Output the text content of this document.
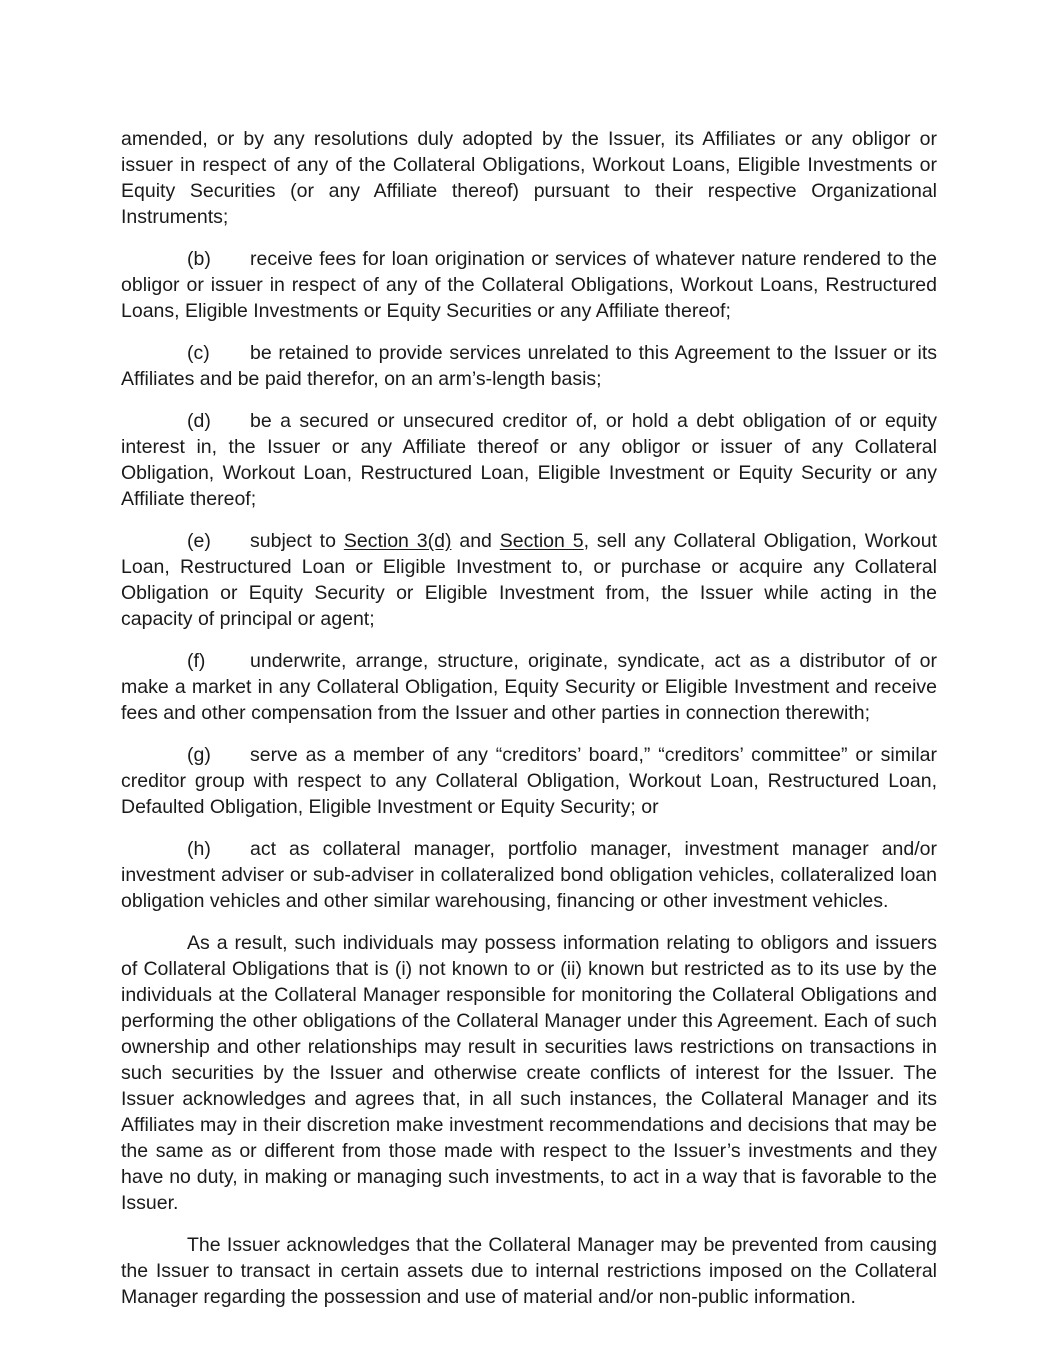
amended, or by any resolutions duly adopted by the Issuer, its Affiliates or any obligor or issuer in respect of any of the Collateral Obligations, Workout Loans, Eligible Investments or Equity Securities (or any Affiliate thereof) pursuant to their respective Organizational Instruments;

(b) receive fees for loan origination or services of whatever nature rendered to the obligor or issuer in respect of any of the Collateral Obligations, Workout Loans, Restructured Loans, Eligible Investments or Equity Securities or any Affiliate thereof;

(c) be retained to provide services unrelated to this Agreement to the Issuer or its Affiliates and be paid therefor, on an arm’s-length basis;

(d) be a secured or unsecured creditor of, or hold a debt obligation of or equity interest in, the Issuer or any Affiliate thereof or any obligor or issuer of any Collateral Obligation, Workout Loan, Restructured Loan, Eligible Investment or Equity Security or any Affiliate thereof;

(e) subject to Section 3(d) and Section 5, sell any Collateral Obligation, Workout Loan, Restructured Loan or Eligible Investment to, or purchase or acquire any Collateral Obligation or Equity Security or Eligible Investment from, the Issuer while acting in the capacity of principal or agent;

(f) underwrite, arrange, structure, originate, syndicate, act as a distributor of or make a market in any Collateral Obligation, Equity Security or Eligible Investment and receive fees and other compensation from the Issuer and other parties in connection therewith;

(g) serve as a member of any “creditors’ board,” “creditors’ committee” or similar creditor group with respect to any Collateral Obligation, Workout Loan, Restructured Loan, Defaulted Obligation, Eligible Investment or Equity Security; or

(h) act as collateral manager, portfolio manager, investment manager and/or investment adviser or sub-adviser in collateralized bond obligation vehicles, collateralized loan obligation vehicles and other similar warehousing, financing or other investment vehicles.

As a result, such individuals may possess information relating to obligors and issuers of Collateral Obligations that is (i) not known to or (ii) known but restricted as to its use by the individuals at the Collateral Manager responsible for monitoring the Collateral Obligations and performing the other obligations of the Collateral Manager under this Agreement. Each of such ownership and other relationships may result in securities laws restrictions on transactions in such securities by the Issuer and otherwise create conflicts of interest for the Issuer. The Issuer acknowledges and agrees that, in all such instances, the Collateral Manager and its Affiliates may in their discretion make investment recommendations and decisions that may be the same as or different from those made with respect to the Issuer’s investments and they have no duty, in making or managing such investments, to act in a way that is favorable to the Issuer.

The Issuer acknowledges that the Collateral Manager may be prevented from causing the Issuer to transact in certain assets due to internal restrictions imposed on the Collateral Manager regarding the possession and use of material and/or non-public information.
